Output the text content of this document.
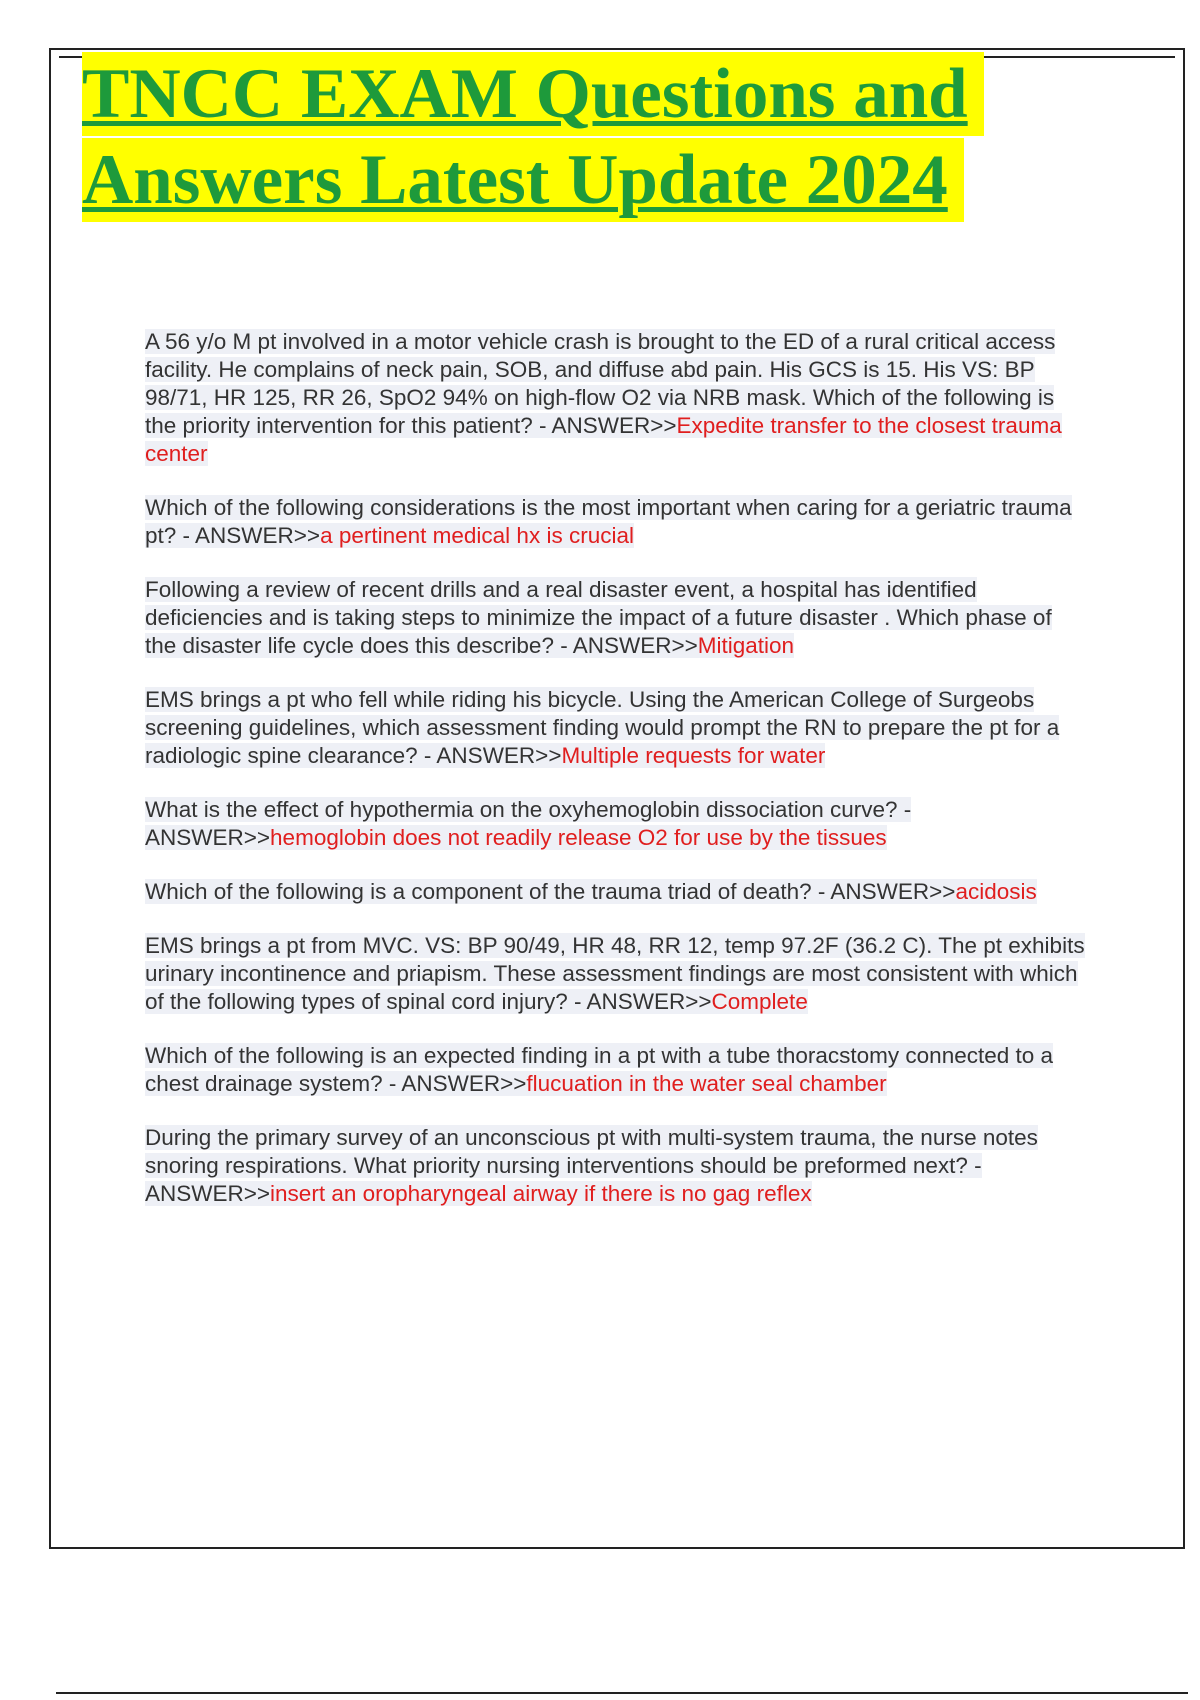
TNCC EXAM Questions and
Answers Latest Update 2024

A 56 y/o M pt involved in a motor vehicle crash is brought to the ED of a rural critical access facility. He complains of neck pain, SOB, and diffuse abd pain. His GCS is 15. His VS: BP 98/71, HR 125, RR 26, SpO2 94% on high-flow O2 via NRB mask. Which of the following is the priority intervention for this patient? - ANSWER>>Expedite transfer to the closest trauma center

Which of the following considerations is the most important when caring for a geriatric trauma pt? - ANSWER>>a pertinent medical hx is crucial

Following a review of recent drills and a real disaster event, a hospital has identified deficiencies and is taking steps to minimize the impact of a future disaster . Which phase of the disaster life cycle does this describe? - ANSWER>>Mitigation

EMS brings a pt who fell while riding his bicycle. Using the American College of Surgeobs screening guidelines, which assessment finding would prompt the RN to prepare the pt for a radiologic spine clearance? - ANSWER>>Multiple requests for water

What is the effect of hypothermia on the oxyhemoglobin dissociation curve? - ANSWER>>hemoglobin does not readily release O2 for use by the tissues

Which of the following is a component of the trauma triad of death? - ANSWER>>acidosis

EMS brings a pt from MVC. VS: BP 90/49, HR 48, RR 12, temp 97.2F (36.2 C). The pt exhibits urinary incontinence and priapism. These assessment findings are most consistent with which of the following types of spinal cord injury? - ANSWER>>Complete

Which of the following is an expected finding in a pt with a tube thoracstomy connected to a chest drainage system? - ANSWER>>flucuation in the water seal chamber

During the primary survey of an unconscious pt with multi-system trauma, the nurse notes snoring respirations. What priority nursing interventions should be preformed next? - ANSWER>>insert an oropharyngeal airway if there is no gag reflex
